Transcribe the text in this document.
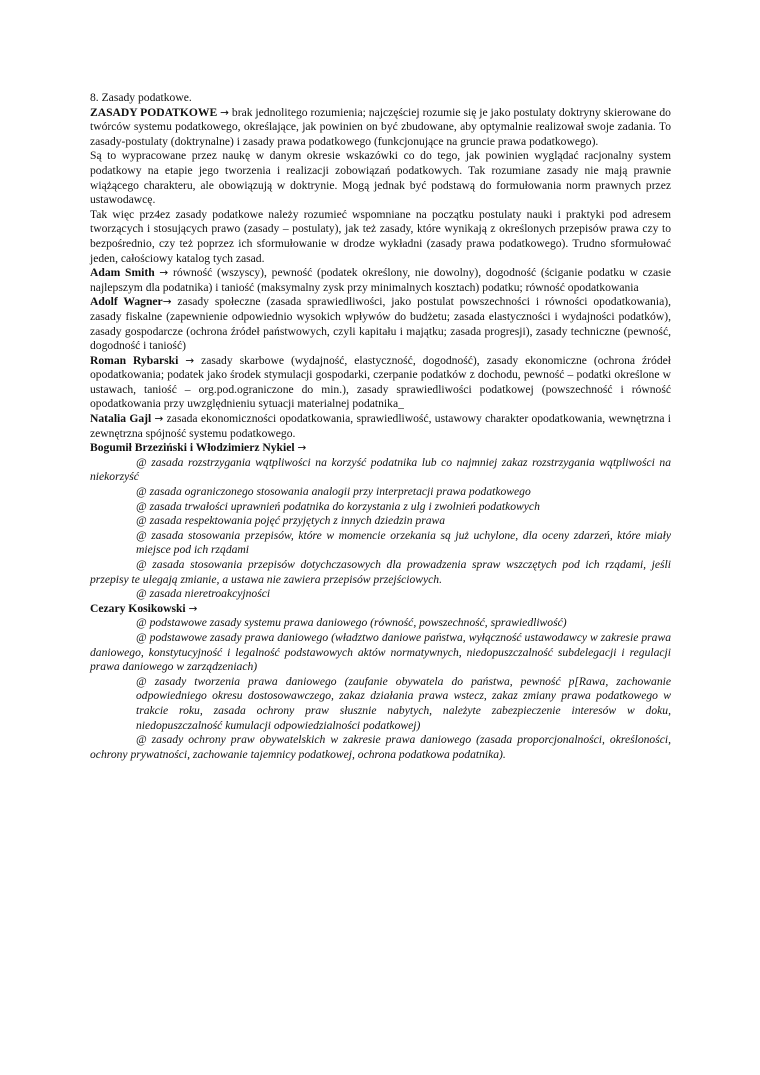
8. Zasady podatkowe.

ZASADY PODATKOWE → brak jednolitego rozumienia; najczęściej rozumie się je jako postulaty doktryny skierowane do twórców systemu podatkowego, określające, jak powinien on być zbudowane, aby optymalnie realizował swoje zadania. To zasady-postulaty (doktrynalne) i zasady prawa podatkowego (funkcjonujące na gruncie prawa podatkowego).

Są to wypracowane przez naukę w danym okresie wskazówki co do tego, jak powinien wyglądać racjonalny system podatkowy na etapie jego tworzenia i realizacji zobowiązań podatkowych. Tak rozumiane zasady nie mają prawnie wiążącego charakteru, ale obowiązują w doktrynie. Mogą jednak być podstawą do formułowania norm prawnych przez ustawodawcę.

Tak więc prz4ez zasady podatkowe należy rozumieć wspomniane na początku postulaty nauki i praktyki pod adresem tworzących i stosujących prawo (zasady – postulaty), jak też zasady, które wynikają z określonych przepisów prawa czy to bezpośrednio, czy też poprzez ich sformułowanie w drodze wykładni (zasady prawa podatkowego). Trudno sformułować jeden, całościowy katalog tych zasad.

Adam Smith → równość (wszyscy), pewność (podatek określony, nie dowolny), dogodność (ściganie podatku w czasie najlepszym dla podatnika) i taniość (maksymalny zysk przy minimalnych kosztach) podatku; równość opodatkowania

Adolf Wagner→ zasady społeczne (zasada sprawiedliwości, jako postulat powszechności i równości opodatkowania), zasady fiskalne (zapewnienie odpowiednio wysokich wpływów do budżetu; zasada elastyczności i wydajności podatków), zasady gospodarcze (ochrona źródeł państwowych, czyli kapitału i majątku; zasada progresji), zasady techniczne (pewność, dogodność i taniość)

Roman Rybarski → zasady skarbowe (wydajność, elastyczność, dogodność), zasady ekonomiczne (ochrona źródeł opodatkowania; podatek jako środek stymulacji gospodarki, czerpanie podatków z dochodu, pewność – podatki określone w ustawach, taniość – org.pod.ograniczone do min.), zasady sprawiedliwości podatkowej (powszechność i równość opodatkowania przy uwzględnieniu sytuacji materialnej podatnika_

Natalia Gajl → zasada ekonomiczności opodatkowania, sprawiedliwość, ustawowy charakter opodatkowania, wewnętrzna i zewnętrzna spójność systemu podatkowego.

Bogumił Brzeziński i Włodzimierz Nykiel →

@ zasada rozstrzygania wątpliwości na korzyść podatnika lub co najmniej zakaz rozstrzygania wątpliwości na niekorzyść

@ zasada ograniczonego stosowania analogii przy interpretacji prawa podatkowego

@ zasada trwałości uprawnień podatnika do korzystania z ulg i zwolnień podatkowych

@ zasada respektowania pojęć przyjętych z innych dziedzin prawa

@ zasada stosowania przepisów, które w momencie orzekania są już uchylone, dla oceny zdarzeń, które miały miejsce pod ich rządami

@ zasada stosowania przepisów dotychczasowych dla prowadzenia spraw wszczętych pod ich rządami, jeśli przepisy te ulegają zmianie, a ustawa nie zawiera przepisów przejściowych.

@ zasada nieretroakcyjności

Cezary Kosikowski →

@ podstawowe zasady systemu prawa daniowego (równość, powszechność, sprawiedliwość)

@ podstawowe zasady prawa daniowego (władztwo daniowe państwa, wyłączność ustawodawcy w zakresie prawa daniowego, konstytucyjność i legalność podstawowych aktów normatywnych, niedopuszczalność subdelegacji i regulacji prawa daniowego w zarządzeniach)

@ zasady tworzenia prawa daniowego (zaufanie obywatela do państwa, pewność p[Rawa, zachowanie odpowiedniego okresu dostosowawczego, zakaz działania prawa wstecz, zakaz zmiany prawa podatkowego w trakcie roku, zasada ochrony praw słusznie nabytych, należyte zabezpieczenie interesów w doku, niedopuszczalność kumulacji odpowiedzialności podatkowej)

@ zasady ochrony praw obywatelskich w zakresie prawa daniowego (zasada proporcjonalności, określoności, ochrony prywatności, zachowanie tajemnicy podatkowej, ochrona podatkowa podatnika).
